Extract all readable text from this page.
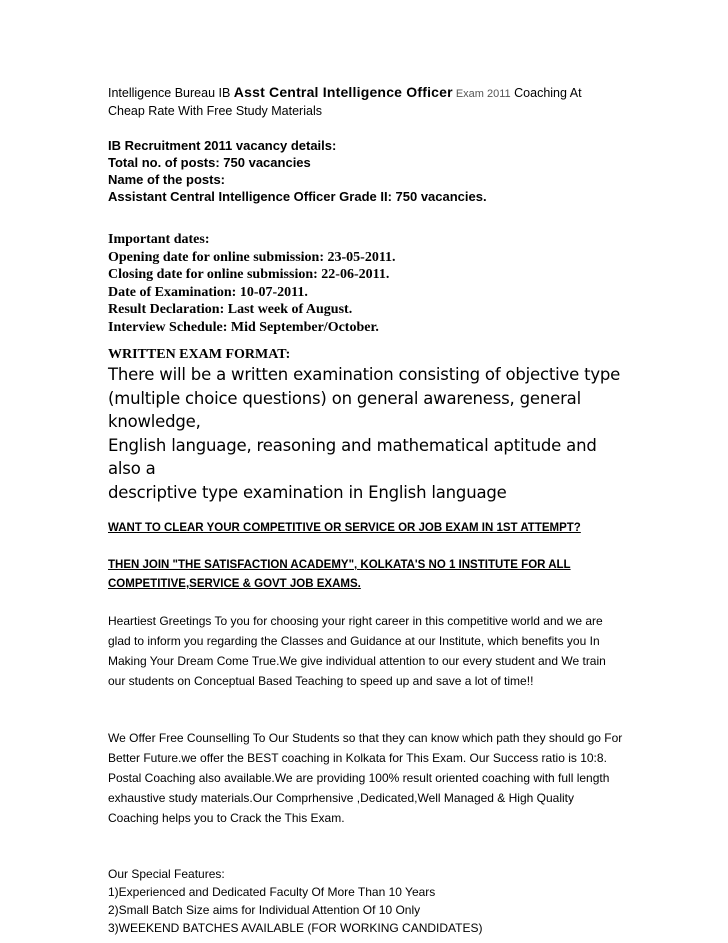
Intelligence Bureau IB Asst Central Intelligence Officer Exam 2011 Coaching At
Cheap Rate With Free Study Materials
IB Recruitment 2011 vacancy details:
Total no. of posts: 750 vacancies
Name of the posts:
Assistant Central Intelligence Officer Grade II: 750 vacancies.
Important dates:
Opening date for online submission: 23-05-2011.
Closing date for online submission: 22-06-2011.
Date of Examination: 10-07-2011.
Result Declaration: Last week of August.
Interview Schedule: Mid September/October.
WRITTEN EXAM FORMAT:
There will be a written examination consisting of objective type
(multiple choice questions) on general awareness, general knowledge,
English language, reasoning and mathematical aptitude and also a
descriptive type examination in English language
WANT TO CLEAR YOUR COMPETITIVE OR SERVICE OR JOB EXAM IN 1ST ATTEMPT?
THEN JOIN "THE SATISFACTION ACADEMY", KOLKATA'S NO 1 INSTITUTE FOR ALL
COMPETITIVE,SERVICE & GOVT JOB EXAMS.
Heartiest Greetings To you for choosing your right career in this competitive world and we are
glad to inform you regarding the Classes and Guidance at our Institute, which benefits you In
Making Your Dream Come True.We give individual attention to our every student and We train
our students on Conceptual Based Teaching to speed up and save a lot of time!!
We Offer Free Counselling To Our Students so that they can know which path they should go For
Better Future.we offer the BEST coaching in Kolkata for This Exam. Our Success ratio is 10:8.
Postal Coaching also available.We are providing 100% result oriented coaching with full length
exhaustive study materials.Our Comprhensive ,Dedicated,Well Managed & High Quality
Coaching helps you to Crack the This Exam.
Our Special Features:
1)Experienced and Dedicated Faculty Of More Than 10 Years
2)Small Batch Size aims for Individual Attention Of 10 Only
3)WEEKEND BATCHES AVAILABLE (FOR WORKING CANDIDATES)
